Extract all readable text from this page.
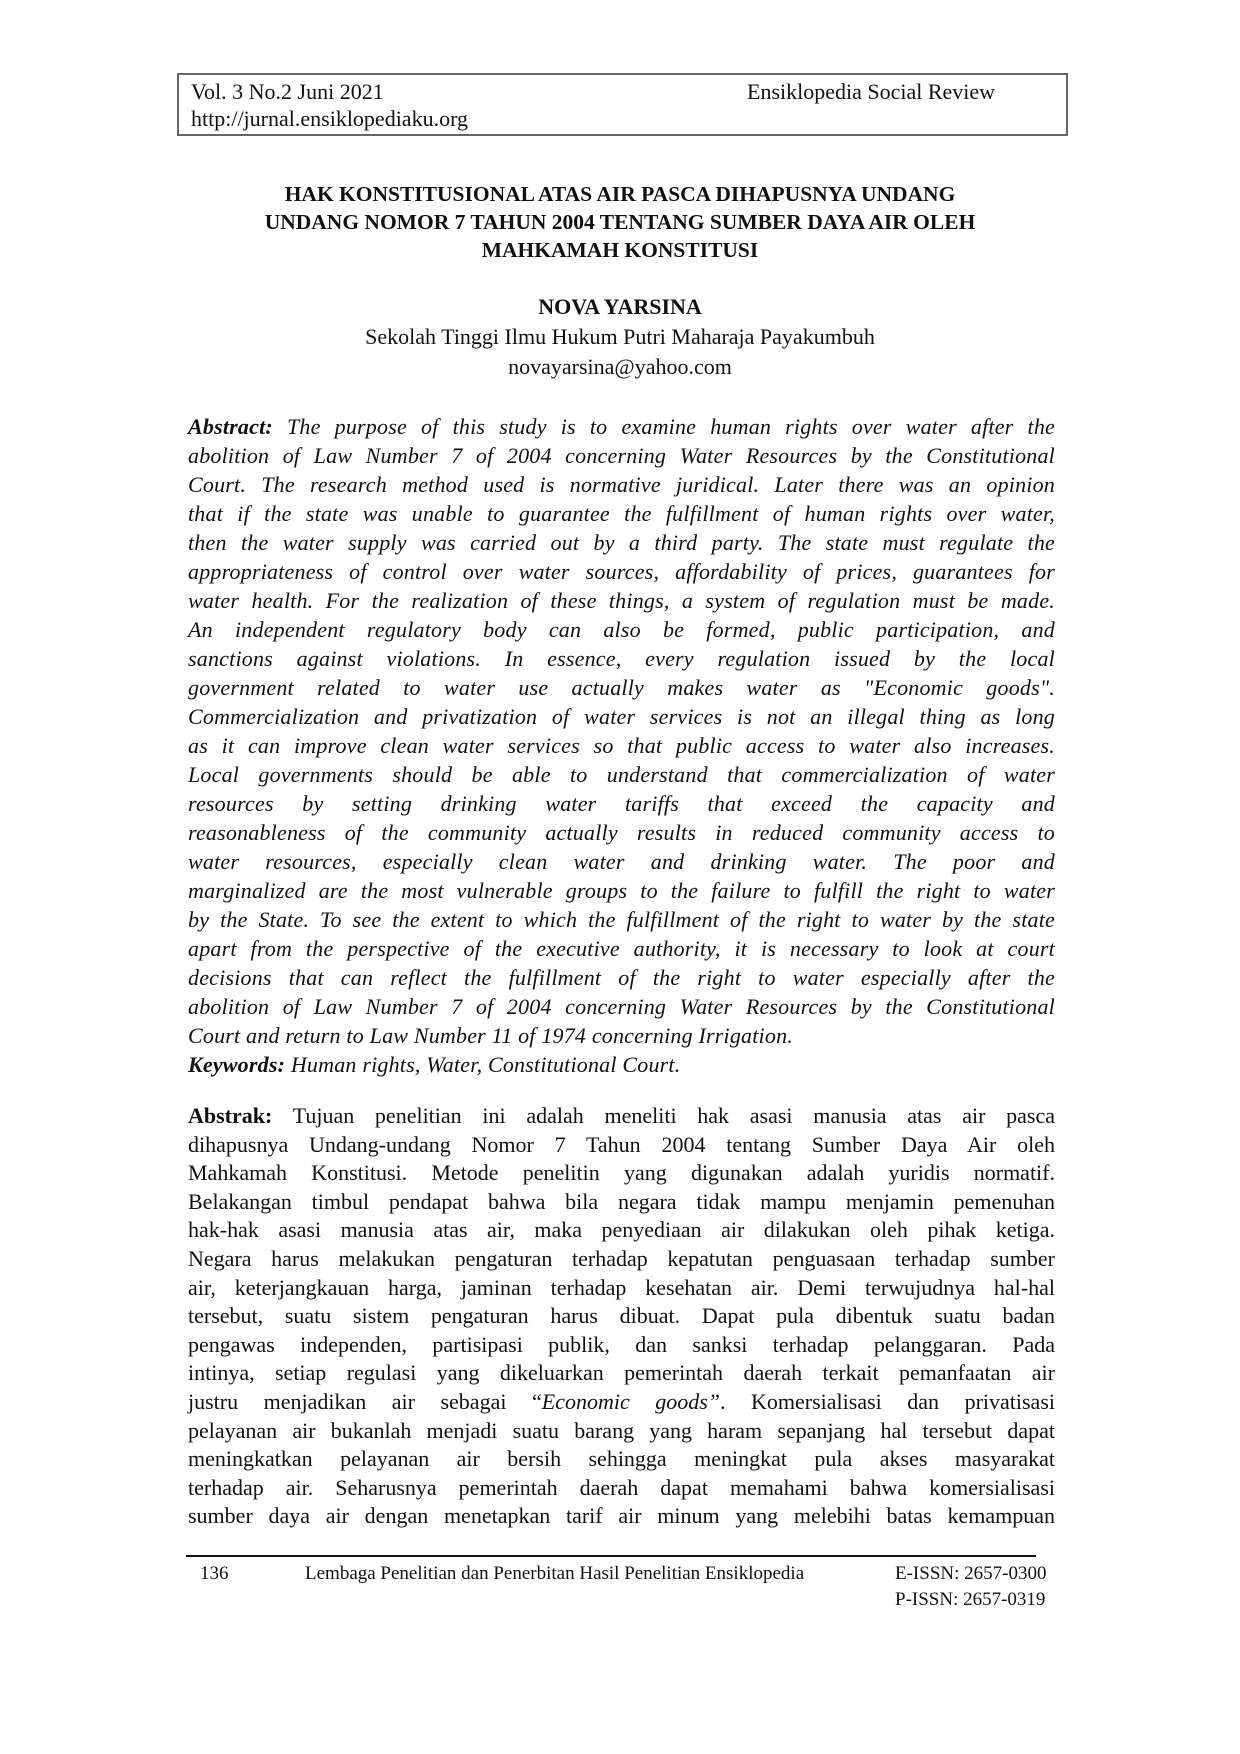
Vol. 3 No.2 Juni 2021
http://jurnal.ensiklopediaku.org
Ensiklopedia Social Review
HAK KONSTITUSIONAL ATAS AIR PASCA DIHAPUSNYA UNDANG
UNDANG NOMOR 7 TAHUN 2004 TENTANG SUMBER DAYA AIR OLEH
MAHKAMAH KONSTITUSI
NOVA YARSINA
Sekolah Tinggi Ilmu Hukum Putri Maharaja Payakumbuh
novayarsina@yahoo.com
Abstract: The purpose of this study is to examine human rights over water after the
abolition of Law Number 7 of 2004 concerning Water Resources by the Constitutional
Court. The research method used is normative juridical. Later there was an opinion
that if the state was unable to guarantee the fulfillment of human rights over water,
then the water supply was carried out by a third party. The state must regulate the
appropriateness of control over water sources, affordability of prices, guarantees for
water health. For the realization of these things, a system of regulation must be made.
An independent regulatory body can also be formed, public participation, and
sanctions against violations. In essence, every regulation issued by the local
government related to water use actually makes water as "Economic goods".
Commercialization and privatization of water services is not an illegal thing as long
as it can improve clean water services so that public access to water also increases.
Local governments should be able to understand that commercialization of water
resources by setting drinking water tariffs that exceed the capacity and
reasonableness of the community actually results in reduced community access to
water resources, especially clean water and drinking water. The poor and
marginalized are the most vulnerable groups to the failure to fulfill the right to water
by the State. To see the extent to which the fulfillment of the right to water by the state
apart from the perspective of the executive authority, it is necessary to look at court
decisions that can reflect the fulfillment of the right to water especially after the
abolition of Law Number 7 of 2004 concerning Water Resources by the Constitutional
Court and return to Law Number 11 of 1974 concerning Irrigation.
Keywords: Human rights, Water, Constitutional Court.
Abstrak: Tujuan penelitian ini adalah meneliti hak asasi manusia atas air pasca
dihapusnya Undang-undang Nomor 7 Tahun 2004 tentang Sumber Daya Air oleh
Mahkamah Konstitusi. Metode penelitin yang digunakan adalah yuridis normatif.
Belakangan timbul pendapat bahwa bila negara tidak mampu menjamin pemenuhan
hak-hak asasi manusia atas air, maka penyediaan air dilakukan oleh pihak ketiga.
Negara harus melakukan pengaturan terhadap kepatutan penguasaan terhadap sumber
air, keterjangkauan harga, jaminan terhadap kesehatan air. Demi terwujudnya hal-hal
tersebut, suatu sistem pengaturan harus dibuat. Dapat pula dibentuk suatu badan
pengawas independen, partisipasi publik, dan sanksi terhadap pelanggaran. Pada
intinya, setiap regulasi yang dikeluarkan pemerintah daerah terkait pemanfaatan air
justru menjadikan air sebagai “Economic goods”. Komersialisasi dan privatisasi
pelayanan air bukanlah menjadi suatu barang yang haram sepanjang hal tersebut dapat
meningkatkan pelayanan air bersih sehingga meningkat pula akses masyarakat
terhadap air. Seharusnya pemerintah daerah dapat memahami bahwa komersialisasi
sumber daya air dengan menetapkan tarif air minum yang melebihi batas kemampuan
136	Lembaga Penelitian dan Penerbitan Hasil Penelitian Ensiklopedia	E-ISSN: 2657-0300
P-ISSN: 2657-0319
